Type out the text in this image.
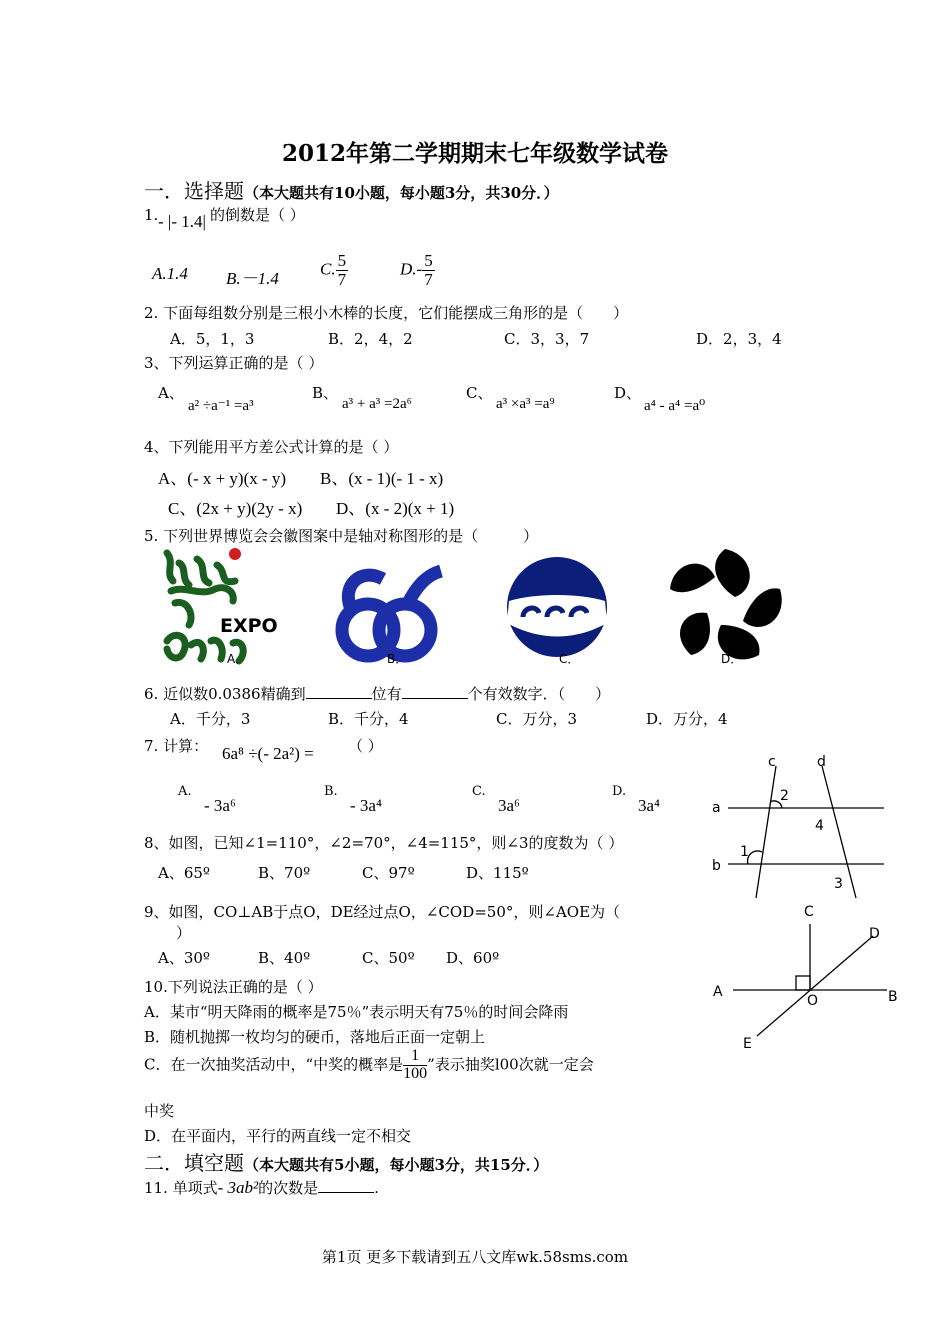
2012年第二学期期末七年级数学试卷
一．选择题（本大题共有10小题，每小题3分，共30分．）
1. - |- 1.4| 的倒数是（ ）
A.1.4 B.－1.4
C. $\frac{5}{7}$	$D.- \frac{5}{7}$
2. 下面每组数分别是三根小木棒的长度，它们能摆成三角形的是（　　）
A．5，1，3	B．2，4，2	C．3，3，7	D．2，3，4
3、下列运算正确的是（ ）
A、
a² ÷a⁻¹ =a³
B、
a³ + a³ =2a⁶
C、
a³ ×a³ =a⁹
D、
a⁴ - a⁴ =a⁰
4、下列能用平方差公式计算的是（ ）
A、(- x + y)(x - y) B、(x - 1)(- 1 - x)
C、(2x + y)(2y - x) D、(x - 2)(x + 1)
5. 下列世界博览会会徽图案中是轴对称图形的是（　　　）
EXPO
A．	B．	C．	D．
6. 近似数0.0386精确到	位有	个有效数字．（　　）
A．千分，3	B．千分，4	C．万分，3	D．万分，4
7. 计算： 6a⁸ ÷(- 2a²) = （ ）
A.
- 3a⁶
B.
- 3a⁴
C.
3a⁶
D.
3a⁴
c	d
a
b
2
4
1
3
8、如图，已知∠1=110°，∠2=70°，∠4=115°，则∠3的度数为（ ）
A、65º	B、70º	C、97º	D、115º
9、如图，CO⊥AB于点O，DE经过点O，∠COD=50°，则∠AOE为（
）
A、30º	B、40º	C、50º D、60º
C
D
A
O	B
E
10.下列说法正确的是（ ）
A．某市“明天降雨的概率是75％”表示明天有75％的时间会降雨
B．随机抛掷一枚均匀的硬币，落地后正面一定朝上
C．在一次抽奖活动中，“中奖的概率是 $\frac{1}{100}$ ”表示抽奖l00次就一定会
中奖
D．在平面内，平行的两直线一定不相交
二．填空题（本大题共有5小题，每小题3分，共15分．）
11. 单项式- 3ab²的次数是	.
第1页 更多下载请到五八文库wk.58sms.com
